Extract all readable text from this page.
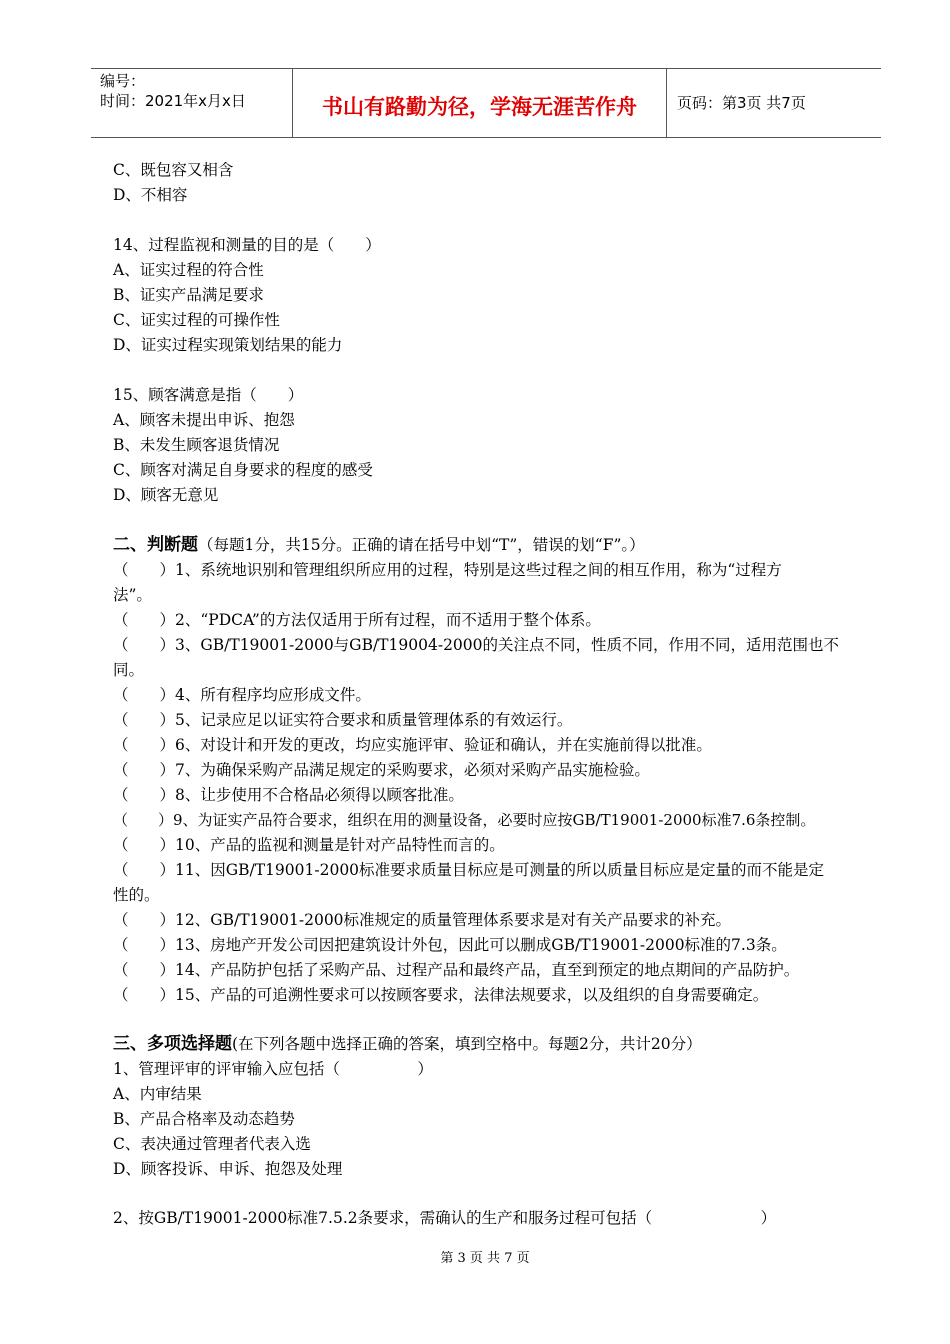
编号：
时间：2021年x月x日	书山有路勤为径，学海无涯苦作舟	页码：第3页 共7页
C、既包容又相含
D、不相容
14、过程监视和测量的目的是（　　）
A、证实过程的符合性
B、证实产品满足要求
C、证实过程的可操作性
D、证实过程实现策划结果的能力
15、顾客满意是指（　　）
A、顾客未提出申诉、抱怨
B、未发生顾客退货情况
C、顾客对满足自身要求的程度的感受
D、顾客无意见
二、判断题（每题1分，共15分。正确的请在括号中划“T”，错误的划“F”。）
（　　）1、系统地识别和管理组织所应用的过程，特别是这些过程之间的相互作用，称为“过程方
法”。
（　　）2、“PDCA”的方法仅适用于所有过程，而不适用于整个体系。
（　　）3、GB/T19001-2000与GB/T19004-2000的关注点不同，性质不同，作用不同，适用范围也不
同。
（　　）4、所有程序均应形成文件。
（　　）5、记录应足以证实符合要求和质量管理体系的有效运行。
（　　）6、对设计和开发的更改，均应实施评审、验证和确认，并在实施前得以批准。
（　　）7、为确保采购产品满足规定的采购要求，必须对采购产品实施检验。
（　　）8、让步使用不合格品必须得以顾客批准。
（　　）9、为证实产品符合要求，组织在用的测量设备，必要时应按GB/T19001-2000标准7.6条控制。
（　　）10、产品的监视和测量是针对产品特性而言的。
（　　）11、因GB/T19001-2000标准要求质量目标应是可测量的所以质量目标应是定量的而不能是定
性的。
（　　）12、GB/T19001-2000标准规定的质量管理体系要求是对有关产品要求的补充。
（　　）13、房地产开发公司因把建筑设计外包，因此可以删成GB/T19001-2000标准的7.3条。
（　　）14、产品防护包括了采购产品、过程产品和最终产品，直至到预定的地点期间的产品防护。
（　　）15、产品的可追溯性要求可以按顾客要求，法律法规要求，以及组织的自身需要确定。
三、多项选择题(在下列各题中选择正确的答案，填到空格中。每题2分，共计20分）
1、管理评审的评审输入应包括（　　　　　）
A、内审结果
B、产品合格率及动态趋势
C、表决通过管理者代表入选
D、顾客投诉、申诉、抱怨及处理
2、按GB/T19001-2000标准7.5.2条要求，需确认的生产和服务过程可包括（　　　　　　　）
第 3 页 共 7 页
